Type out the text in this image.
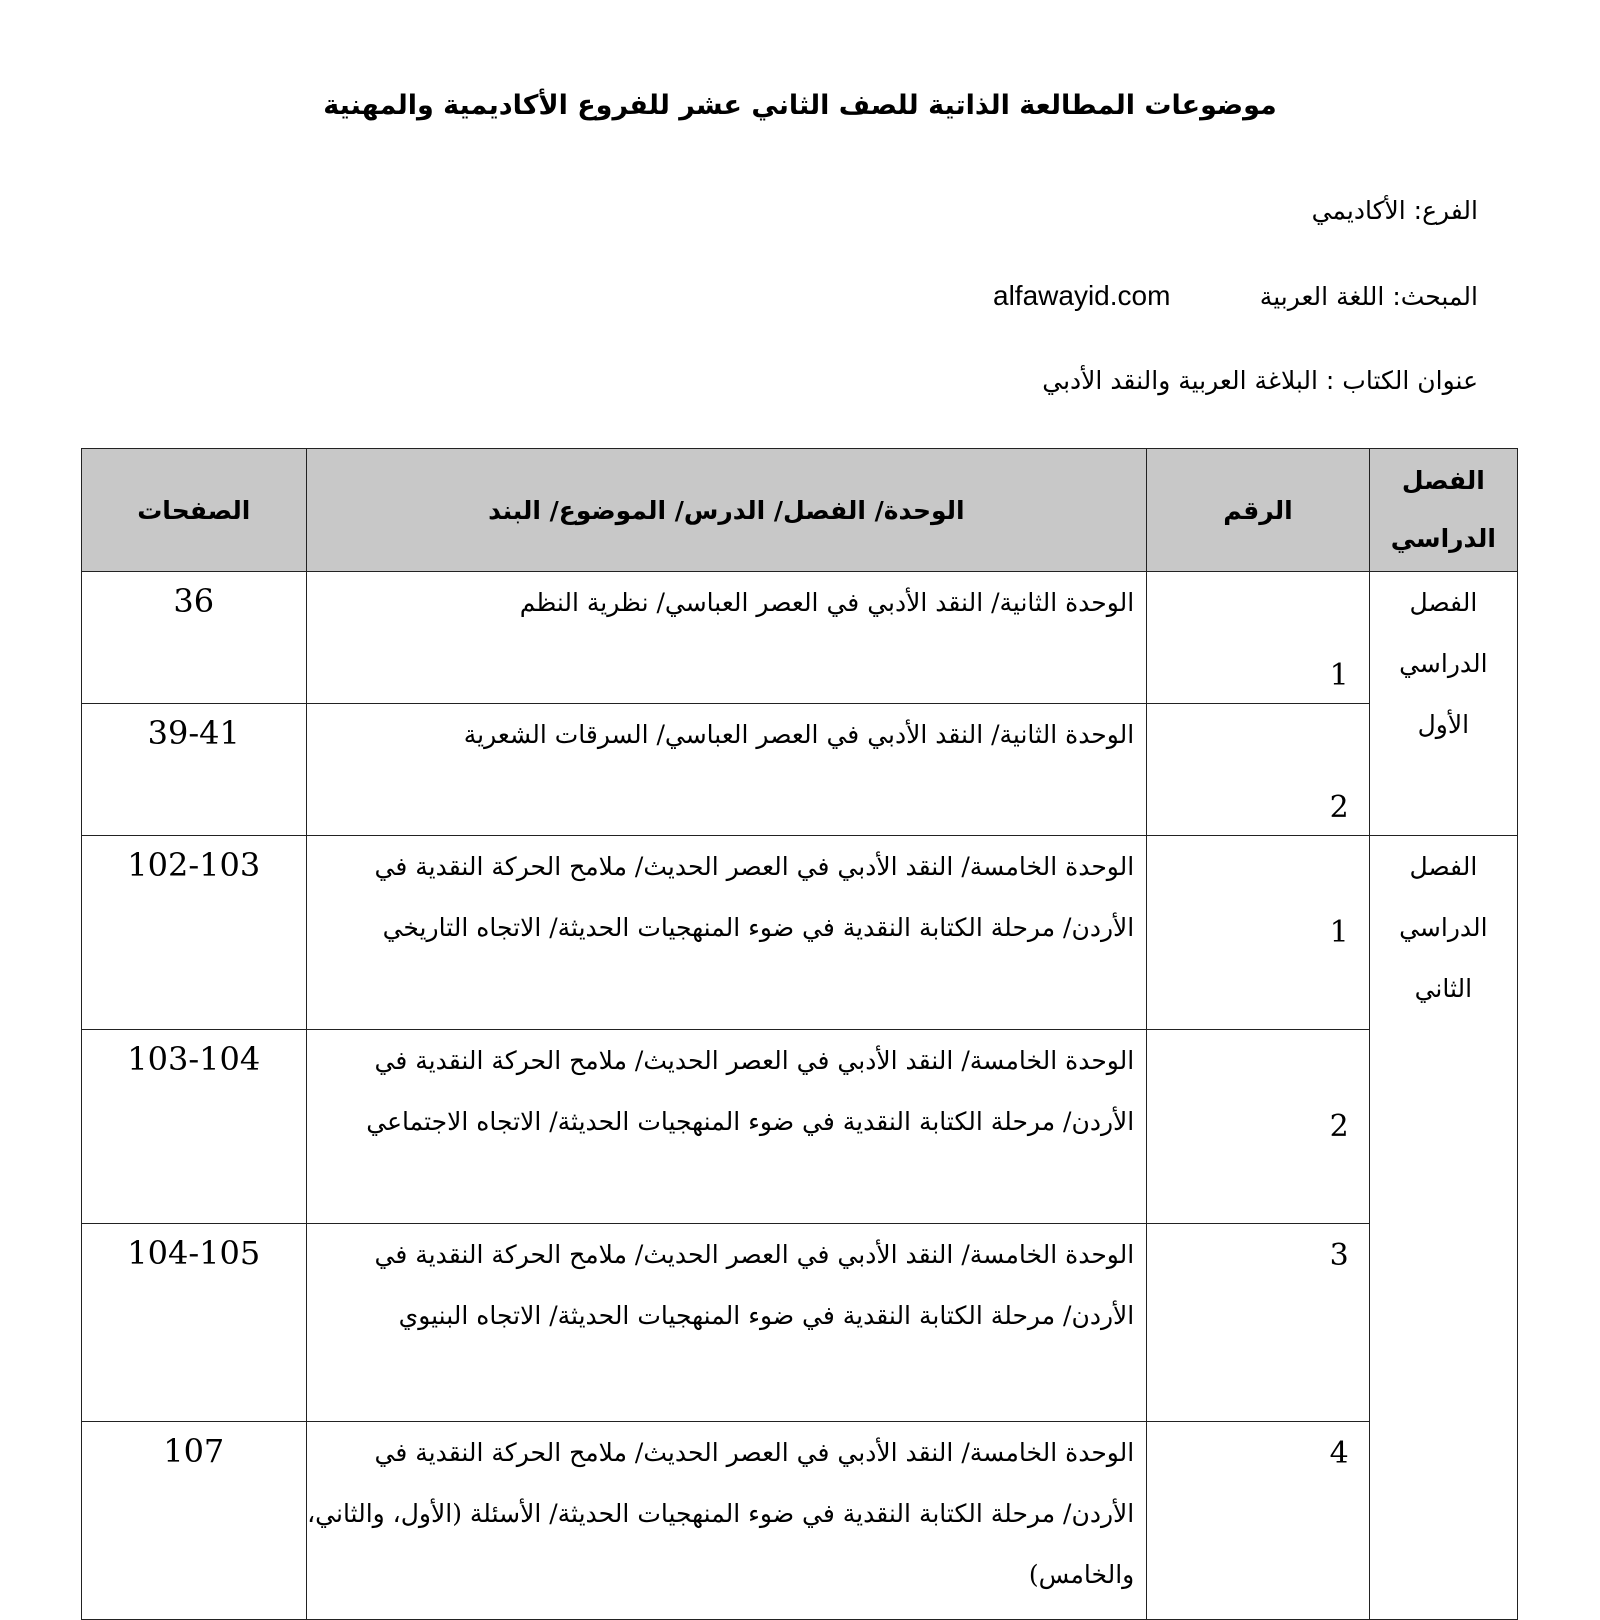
موضوعات المطالعة الذاتية للصف الثاني عشر للفروع الأكاديمية والمهنية
الفرع: الأكاديمي
المبحث: اللغة العربية
alfawayid.com
عنوان الكتاب : البلاغة العربية والنقد الأدبي
الفصل الدراسي	الرقم	الوحدة/ الفصل/ الدرس/ الموضوع/ البند	الصفحات
الفصل الدراسي الأول	1	الوحدة الثانية/ النقد الأدبي في العصر العباسي/ نظرية النظم	36
	2	الوحدة الثانية/ النقد الأدبي في العصر العباسي/ السرقات الشعرية	39-41
الفصل الدراسي الثاني	1	الوحدة الخامسة/ النقد الأدبي في العصر الحديث/ ملامح الحركة النقدية في الأردن/ مرحلة الكتابة النقدية في ضوء المنهجيات الحديثة/ الاتجاه التاريخي	102-103
	2	الوحدة الخامسة/ النقد الأدبي في العصر الحديث/ ملامح الحركة النقدية في الأردن/ مرحلة الكتابة النقدية في ضوء المنهجيات الحديثة/ الاتجاه الاجتماعي	103-104
	3	الوحدة الخامسة/ النقد الأدبي في العصر الحديث/ ملامح الحركة النقدية في الأردن/ مرحلة الكتابة النقدية في ضوء المنهجيات الحديثة/ الاتجاه البنيوي	104-105
	4	الوحدة الخامسة/ النقد الأدبي في العصر الحديث/ ملامح الحركة النقدية في الأردن/ مرحلة الكتابة النقدية في ضوء المنهجيات الحديثة/ الأسئلة (الأول، والثاني، والخامس)	107
